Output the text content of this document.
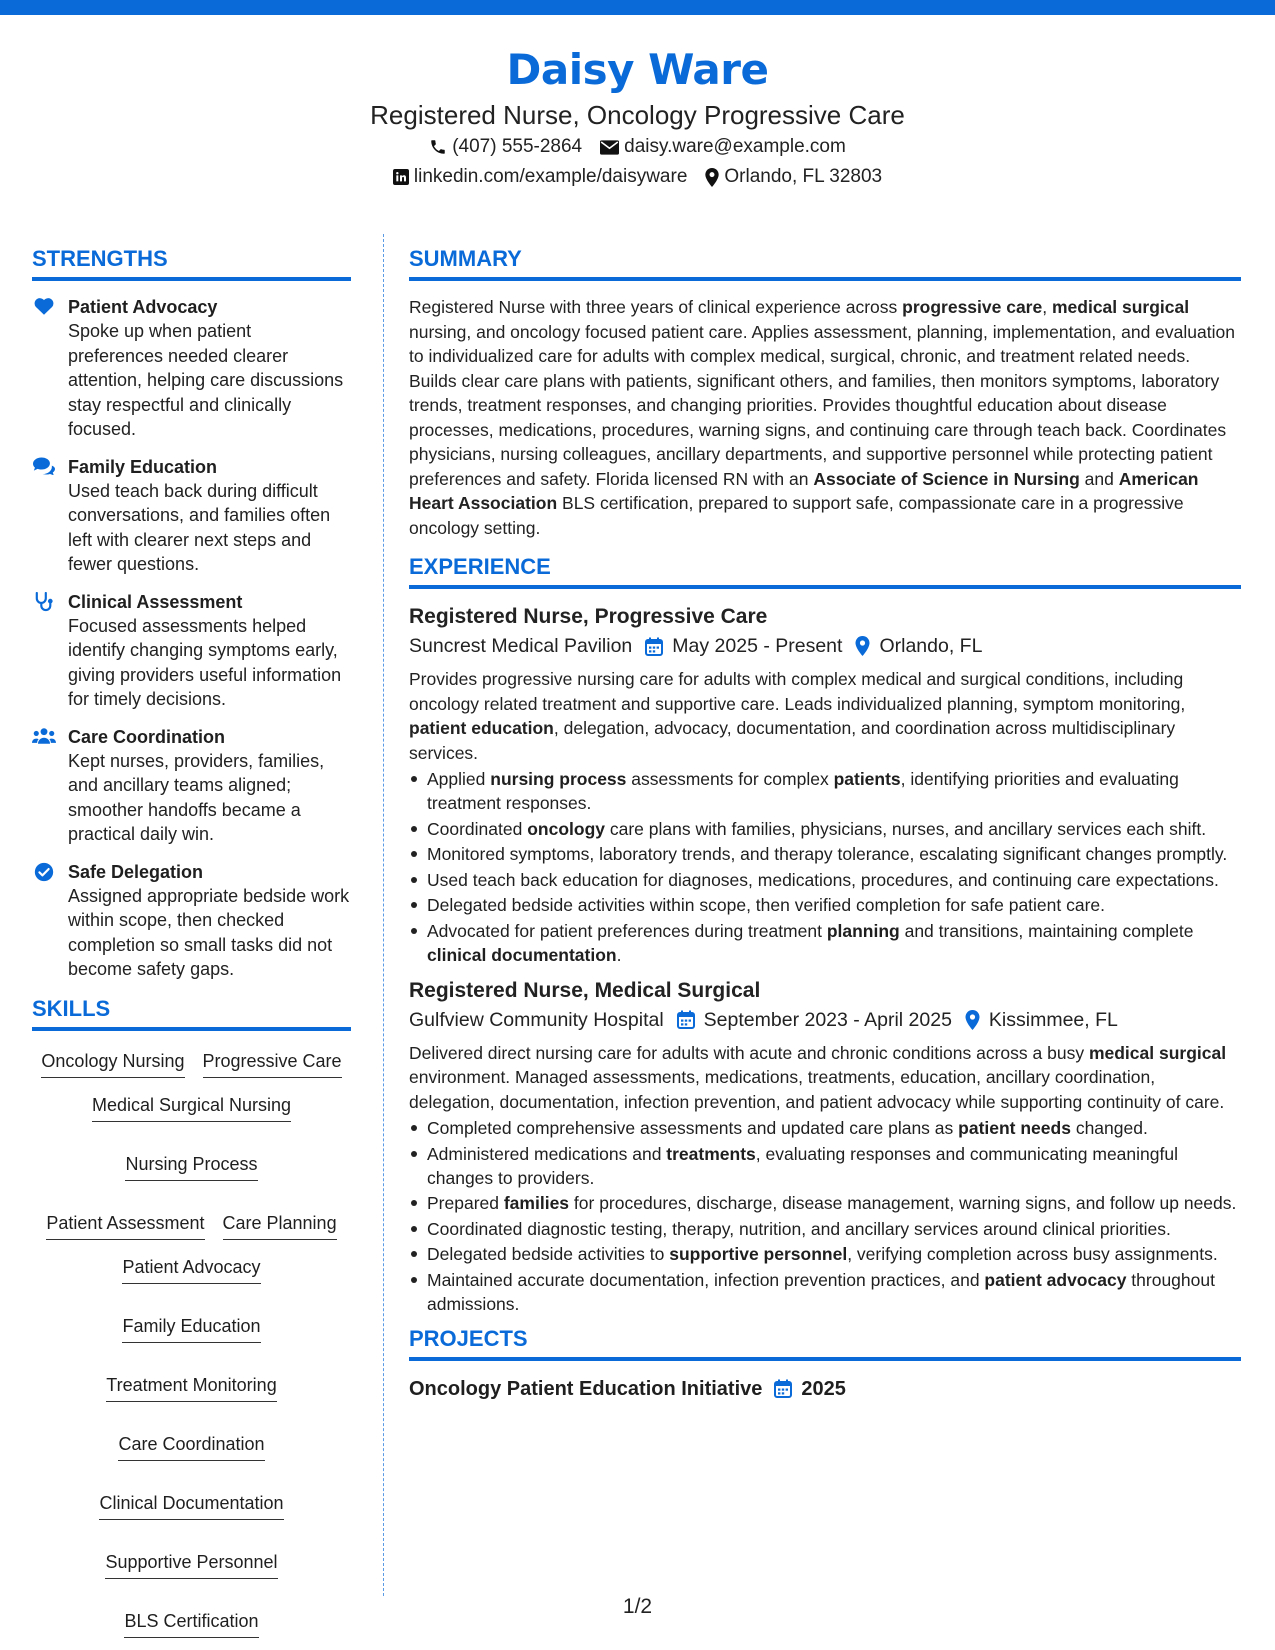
Daisy Ware
Registered Nurse, Oncology Progressive Care
(407) 555-2864 daisy.ware@example.com
linkedin.com/example/daisyware Orlando, FL 32803
STRENGTHS
Patient Advocacy
Spoke up when patient preferences needed clearer attention, helping care discussions stay respectful and clinically focused.
Family Education
Used teach back during difficult conversations, and families often left with clearer next steps and fewer questions.
Clinical Assessment
Focused assessments helped identify changing symptoms early, giving providers useful information for timely decisions.
Care Coordination
Kept nurses, providers, families, and ancillary teams aligned; smoother handoffs became a practical daily win.
Safe Delegation
Assigned appropriate bedside work within scope, then checked completion so small tasks did not become safety gaps.
SKILLS
Oncology Nursing Progressive Care
Medical Surgical Nursing
Nursing Process
Patient Assessment Care Planning
Patient Advocacy
Family Education
Treatment Monitoring
Care Coordination
Clinical Documentation
Supportive Personnel
BLS Certification
SUMMARY
Registered Nurse with three years of clinical experience across progressive care, medical surgical nursing, and oncology focused patient care. Applies assessment, planning, implementation, and evaluation to individualized care for adults with complex medical, surgical, chronic, and treatment related needs. Builds clear care plans with patients, significant others, and families, then monitors symptoms, laboratory trends, treatment responses, and changing priorities. Provides thoughtful education about disease processes, medications, procedures, warning signs, and continuing care through teach back. Coordinates physicians, nursing colleagues, ancillary departments, and supportive personnel while protecting patient preferences and safety. Florida licensed RN with an Associate of Science in Nursing and American Heart Association BLS certification, prepared to support safe, compassionate care in a progressive oncology setting.
EXPERIENCE
Registered Nurse, Progressive Care
Suncrest Medical Pavilion May 2025 - Present Orlando, FL
Provides progressive nursing care for adults with complex medical and surgical conditions, including oncology related treatment and supportive care. Leads individualized planning, symptom monitoring, patient education, delegation, advocacy, documentation, and coordination across multidisciplinary services.
Applied nursing process assessments for complex patients, identifying priorities and evaluating treatment responses.
Coordinated oncology care plans with families, physicians, nurses, and ancillary services each shift.
Monitored symptoms, laboratory trends, and therapy tolerance, escalating significant changes promptly.
Used teach back education for diagnoses, medications, procedures, and continuing care expectations.
Delegated bedside activities within scope, then verified completion for safe patient care.
Advocated for patient preferences during treatment planning and transitions, maintaining complete clinical documentation.
Registered Nurse, Medical Surgical
Gulfview Community Hospital September 2023 - April 2025 Kissimmee, FL
Delivered direct nursing care for adults with acute and chronic conditions across a busy medical surgical environment. Managed assessments, medications, treatments, education, ancillary coordination, delegation, documentation, infection prevention, and patient advocacy while supporting continuity of care.
Completed comprehensive assessments and updated care plans as patient needs changed.
Administered medications and treatments, evaluating responses and communicating meaningful changes to providers.
Prepared families for procedures, discharge, disease management, warning signs, and follow up needs.
Coordinated diagnostic testing, therapy, nutrition, and ancillary services around clinical priorities.
Delegated bedside activities to supportive personnel, verifying completion across busy assignments.
Maintained accurate documentation, infection prevention practices, and patient advocacy throughout admissions.
PROJECTS
Oncology Patient Education Initiative 2025
1/2
